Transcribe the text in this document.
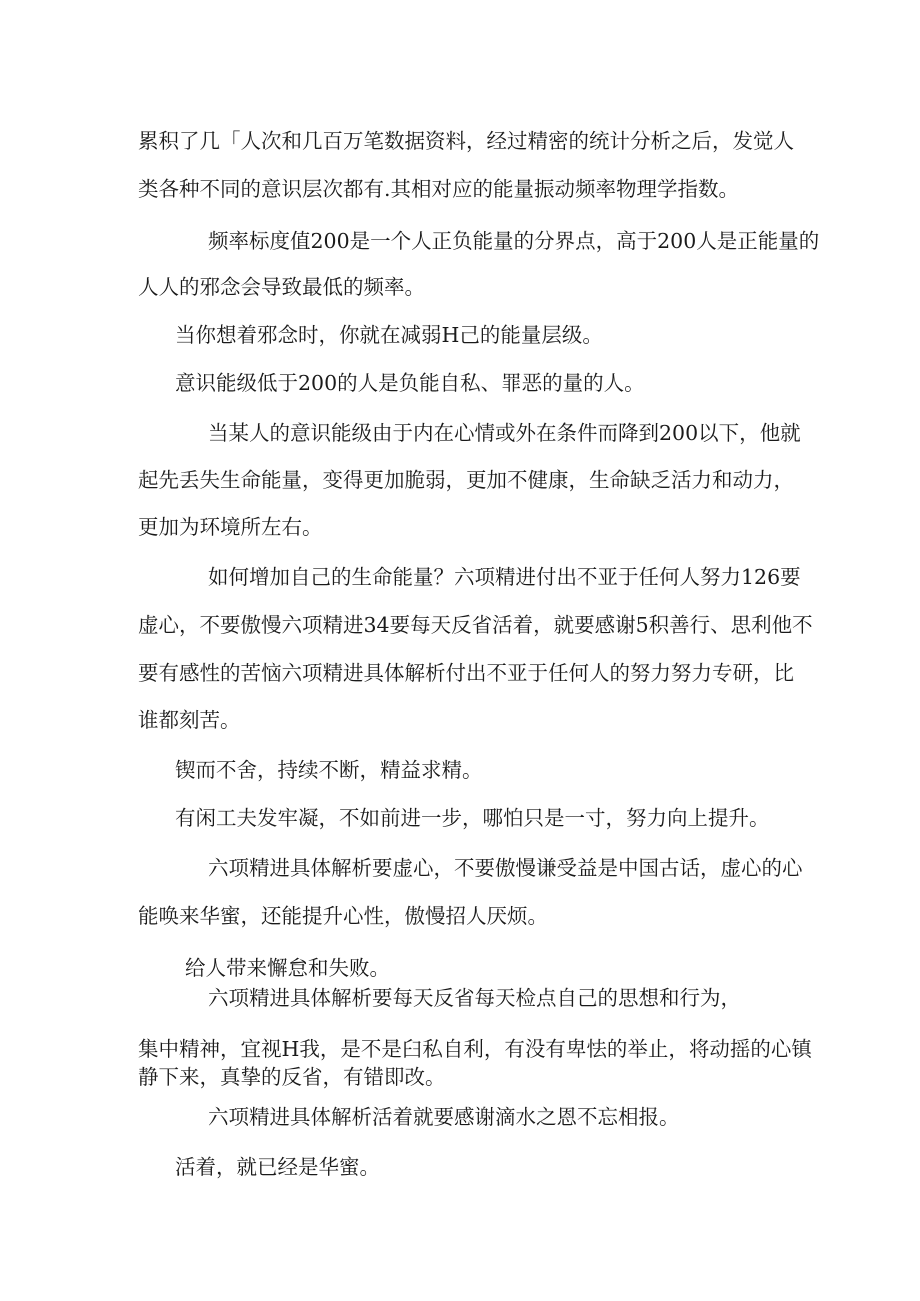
累积了几「人次和几百万笔数据资料，经过精密的统计分析之后，发觉人

类各种不同的意识层次都有.其相对应的能量振动频率物理学指数。

频率标度值200是一个人正负能量的分界点，高于200人是正能量的

人人的邪念会导致最低的频率。

当你想着邪念时，你就在减弱H己的能量层级。

意识能级低于200的人是负能自私、罪恶的量的人。

当某人的意识能级由于内在心情或外在条件而降到200以下，他就

起先丢失生命能量，变得更加脆弱，更加不健康，生命缺乏活力和动力，

更加为环境所左右。

如何增加自己的生命能量？六项精进付出不亚于任何人努力126要

虚心，不要傲慢六项精进34要每天反省活着，就要感谢5积善行、思利他不

要有感性的苦恼六项精进具体解析付出不亚于任何人的努力努力专研，比

谁都刻苦。

锲而不舍，持续不断，精益求精。

有闲工夫发牢凝，不如前进一步，哪怕只是一寸，努力向上提升。

六项精进具体解析要虚心，不要傲慢谦受益是中国古话，虚心的心

能唤来华蜜，还能提升心性，傲慢招人厌烦。

给人带来懈怠和失败。

六项精进具体解析要每天反省每天检点自己的思想和行为，

集中精神，宜视H我，是不是臼私自利，有没有卑怯的举止，将动摇的心镇

静下来，真挚的反省，有错即改。

六项精进具体解析活着就要感谢滴水之恩不忘相报。

活着，就已经是华蜜。
